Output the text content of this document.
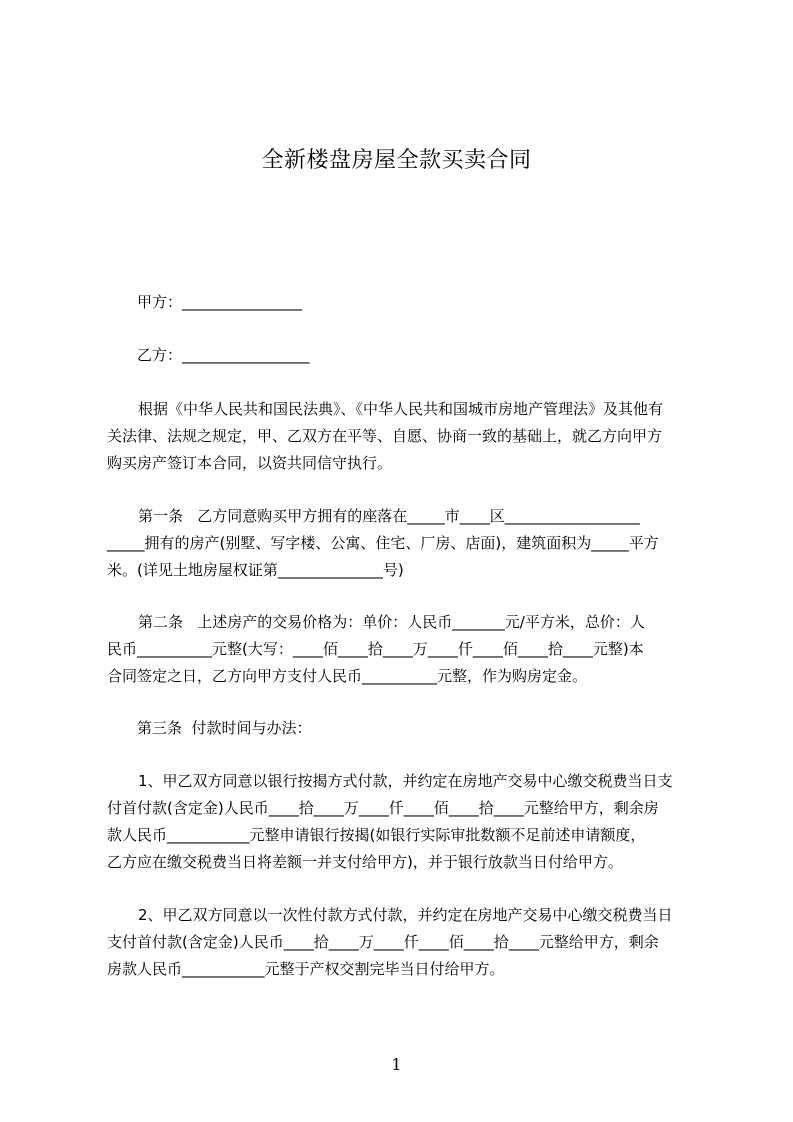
全新楼盘房屋全款买卖合同
甲方：________________
乙方：_________________
根据《中华人民共和国民法典》、《中华人民共和国城市房地产管理法》及其他有
关法律、法规之规定，甲、乙双方在平等、自愿、协商一致的基础上，就乙方向甲方
购买房产签订本合同，以资共同信守执行。
第一条   乙方同意购买甲方拥有的座落在_____市____区__________________
_____拥有的房产(别墅、写字楼、公寓、住宅、厂房、店面)，建筑面积为_____平方
米。(详见土地房屋权证第______________号)
第二条   上述房产的交易价格为：单价：人民币_______元/平方米，总价：人
民币__________元整(大写：____佰____拾____万____仟____佰____拾____元整)本
合同签定之日，乙方向甲方支付人民币__________元整，作为购房定金。
第三条  付款时间与办法：
1、甲乙双方同意以银行按揭方式付款，并约定在房地产交易中心缴交税费当日支
付首付款(含定金)人民币____拾____万____仟____佰____拾____元整给甲方，剩余房
款人民币___________元整申请银行按揭(如银行实际审批数额不足前述申请额度，
乙方应在缴交税费当日将差额一并支付给甲方)，并于银行放款当日付给甲方。
2、甲乙双方同意以一次性付款方式付款，并约定在房地产交易中心缴交税费当日
支付首付款(含定金)人民币____拾____万____仟____佰____拾____元整给甲方，剩余
房款人民币___________元整于产权交割完毕当日付给甲方。
1
